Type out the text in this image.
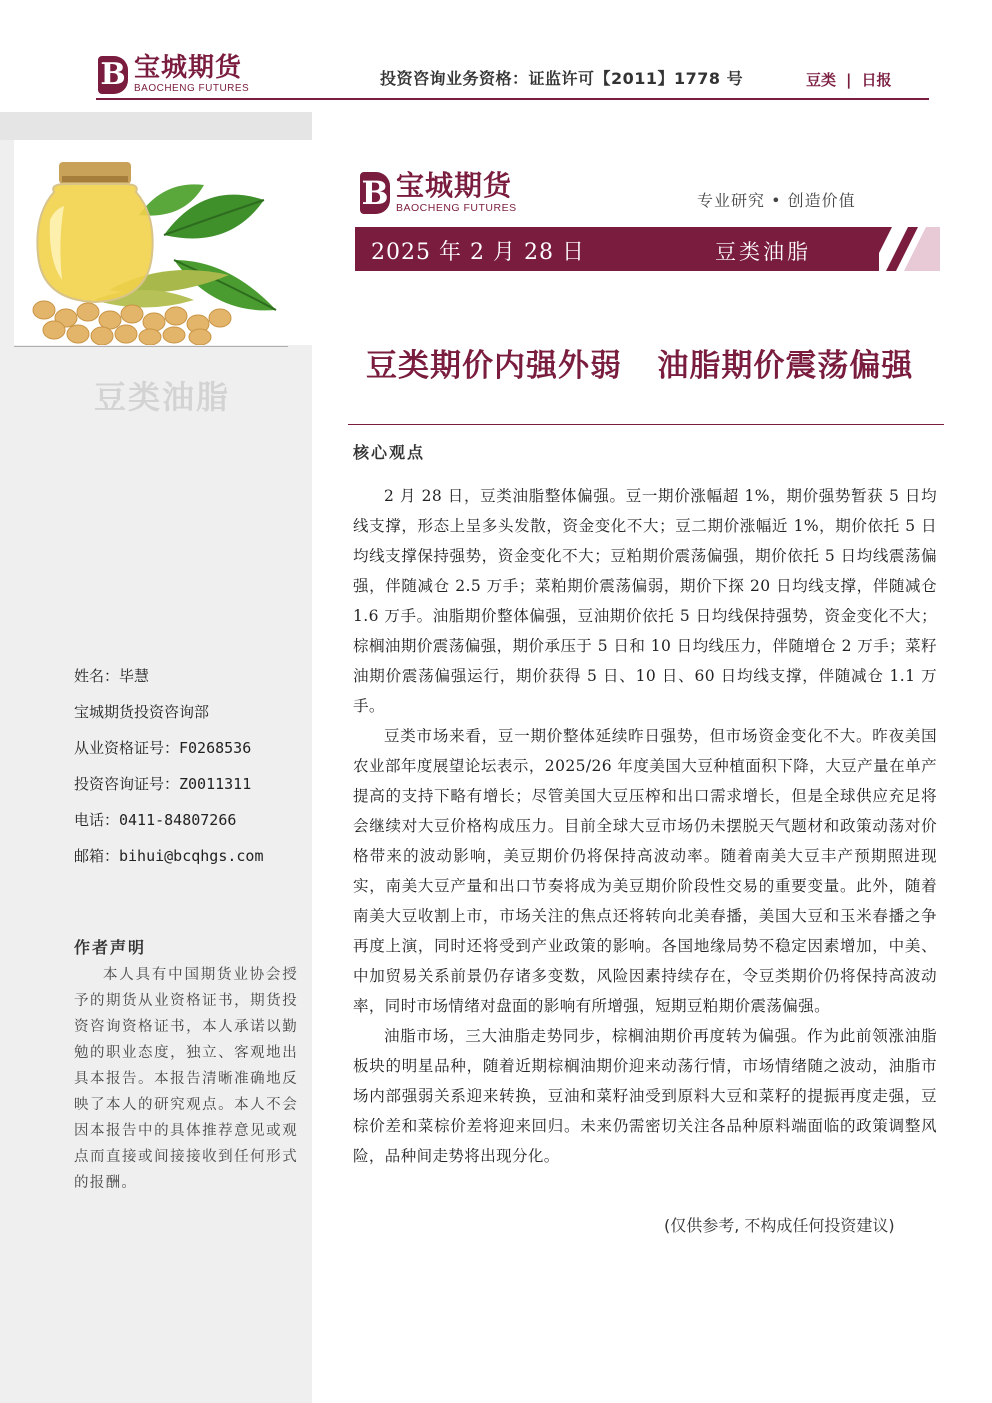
B 宝城期货
BAOCHENG FUTURES
投资咨询业务资格：证监许可【2011】1778 号	豆类 | 日报
豆类油脂
姓名：毕慧
宝城期货投资咨询部
从业资格证号：F0268536
投资咨询证号：Z0011311
电话：0411-84807266
邮箱：bihui@bcqhgs.com
作者声明
本人具有中国期货业协会授予的期货从业资格证书，期货投资咨询资格证书，本人承诺以勤勉的职业态度，独立、客观地出具本报告。本报告清晰准确地反映了本人的研究观点。本人不会因本报告中的具体推荐意见或观点而直接或间接接收到任何形式的报酬。
B 宝城期货
BAOCHENG FUTURES	专业研究 • 创造价值
2025 年 2 月 28 日	豆类油脂
豆类期价内强外弱   油脂期价震荡偏强
核心观点

2 月 28 日，豆类油脂整体偏强。豆一期价涨幅超 1%，期价强势暂获 5 日均线支撑，形态上呈多头发散，资金变化不大；豆二期价涨幅近 1%，期价依托 5 日均线支撑保持强势，资金变化不大；豆粕期价震荡偏强，期价依托 5 日均线震荡偏强，伴随减仓 2.5 万手；菜粕期价震荡偏弱，期价下探 20 日均线支撑，伴随减仓 1.6 万手。油脂期价整体偏强，豆油期价依托 5 日均线保持强势，资金变化不大；棕榈油期价震荡偏强，期价承压于 5 日和 10 日均线压力，伴随增仓 2 万手；菜籽油期价震荡偏强运行，期价获得 5 日、10 日、60 日均线支撑，伴随减仓 1.1 万手。

豆类市场来看，豆一期价整体延续昨日强势，但市场资金变化不大。昨夜美国农业部年度展望论坛表示，2025/26 年度美国大豆种植面积下降，大豆产量在单产提高的支持下略有增长；尽管美国大豆压榨和出口需求增长，但是全球供应充足将会继续对大豆价格构成压力。目前全球大豆市场仍未摆脱天气题材和政策动荡对价格带来的波动影响，美豆期价仍将保持高波动率。随着南美大豆丰产预期照进现实，南美大豆产量和出口节奏将成为美豆期价阶段性交易的重要变量。此外，随着南美大豆收割上市，市场关注的焦点还将转向北美春播，美国大豆和玉米春播之争再度上演，同时还将受到产业政策的影响。各国地缘局势不稳定因素增加，中美、中加贸易关系前景仍存诸多变数，风险因素持续存在，令豆类期价仍将保持高波动率，同时市场情绪对盘面的影响有所增强，短期豆粕期价震荡偏强。

油脂市场，三大油脂走势同步，棕榈油期价再度转为偏强。作为此前领涨油脂板块的明星品种，随着近期棕榈油期价迎来动荡行情，市场情绪随之波动，油脂市场内部强弱关系迎来转换，豆油和菜籽油受到原料大豆和菜籽的提振再度走强，豆棕价差和菜棕价差将迎来回归。未来仍需密切关注各品种原料端面临的政策调整风险，品种间走势将出现分化。

(仅供参考, 不构成任何投资建议)
